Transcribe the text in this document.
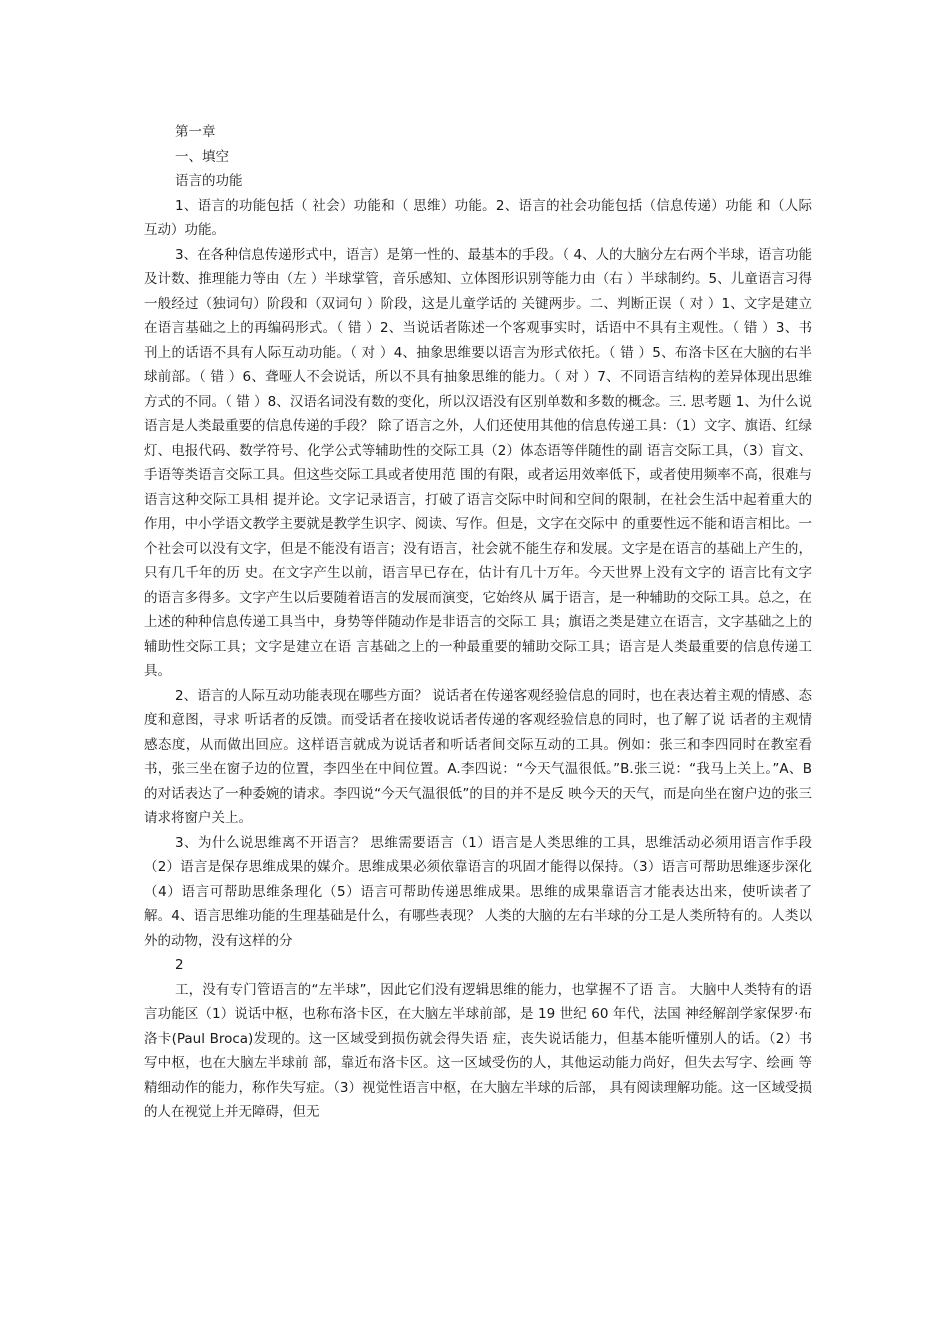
第一章

一、填空

语言的功能

1、语言的功能包括（ 社会）功能和（ 思维）功能。2、语言的社会功能包括（信息传递）功能 和（人际互动）功能。

3、在各种信息传递形式中，语言）是第一性的、最基本的手段。（ 4、人的大脑分左右两个半球，语言功能及计数、推理能力等由（左 ）半球掌管，音乐感知、立体图形识别等能力由（右 ）半球制约。5、儿童语言习得一般经过（独词句）阶段和（双词句 ）阶段，这是儿童学话的 关键两步。二、判断正误（ 对 ）1、文字是建立在语言基础之上的再编码形式。（ 错 ）2、当说话者陈述一个客观事实时，话语中不具有主观性。（ 错 ）3、书刊上的话语不具有人际互动功能。（ 对 ）4、抽象思维要以语言为形式依托。（ 错 ）5、布洛卡区在大脑的右半球前部。（ 错 ）6、聋哑人不会说话，所以不具有抽象思维的能力。（ 对 ）7、不同语言结构的差异体现出思维方式的不同。（ 错 ）8、汉语名词没有数的变化，所以汉语没有区别单数和多数的概念。三. 思考题 1、为什么说语言是人类最重要的信息传递的手段？ 除了语言之外，人们还使用其他的信息传递工具：（1）文字、旗语、红绿灯、电报代码、数学符号、化学公式等辅助性的交际工具（2）体态语等伴随性的副 语言交际工具，（3）盲文、手语等类语言交际工具。但这些交际工具或者使用范 围的有限，或者运用效率低下，或者使用频率不高，很难与语言这种交际工具相 提并论。文字记录语言，打破了语言交际中时间和空间的限制，在社会生活中起着重大的 作用，中小学语文教学主要就是教学生识字、阅读、写作。但是，文字在交际中 的重要性远不能和语言相比。一个社会可以没有文字，但是不能没有语言；没有语言，社会就不能生存和发展。文字是在语言的基础上产生的，只有几千年的历 史。在文字产生以前，语言早已存在，估计有几十万年。今天世界上没有文字的 语言比有文字的语言多得多。文字产生以后要随着语言的发展而演变，它始终从 属于语言，是一种辅助的交际工具。总之，在上述的种种信息传递工具当中，身势等伴随动作是非语言的交际工 具；旗语之类是建立在语言，文字基础之上的辅助性交际工具；文字是建立在语 言基础之上的一种最重要的辅助交际工具；语言是人类最重要的信息传递工具。

2、语言的人际互动功能表现在哪些方面？ 说话者在传递客观经验信息的同时，也在表达着主观的情感、态度和意图，寻求 听话者的反馈。而受话者在接收说话者传递的客观经验信息的同时，也了解了说 话者的主观情感态度，从而做出回应。这样语言就成为说话者和听话者间交际互动的工具。例如：张三和李四同时在教室看书，张三坐在窗子边的位置，李四坐在中间位置。A.李四说：“今天气温很低。”B.张三说：“我马上关上。”A、B 的对话表达了一种委婉的请求。李四说“今天气温很低”的目的并不是反 映今天的天气，而是向坐在窗户边的张三请求将窗户关上。

3、为什么说思维离不开语言？ 思维需要语言（1）语言是人类思维的工具，思维活动必须用语言作手段（2）语言是保存思维成果的媒介。思维成果必须依靠语言的巩固才能得以保持。（3）语言可帮助思维逐步深化（4）语言可帮助思维条理化（5）语言可帮助传递思维成果。思维的成果靠语言才能表达出来，使听读者了 解。4、语言思维功能的生理基础是什么，有哪些表现？ 人类的大脑的左右半球的分工是人类所特有的。人类以外的动物，没有这样的分

2

工，没有专门管语言的“左半球”，因此它们没有逻辑思维的能力，也掌握不了语 言。 大脑中人类特有的语言功能区（1）说话中枢，也称布洛卡区，在大脑左半球前部，是 19 世纪 60 年代，法国 神经解剖学家保罗·布洛卡(Paul Broca)发现的。这一区域受到损伤就会得失语 症，丧失说话能力，但基本能听懂别人的话。（2）书写中枢，也在大脑左半球前 部，靠近布洛卡区。这一区域受伤的人，其他运动能力尚好，但失去写字、绘画 等精细动作的能力，称作失写症。（3）视觉性语言中枢，在大脑左半球的后部， 具有阅读理解功能。这一区域受损的人在视觉上并无障碍，但无
